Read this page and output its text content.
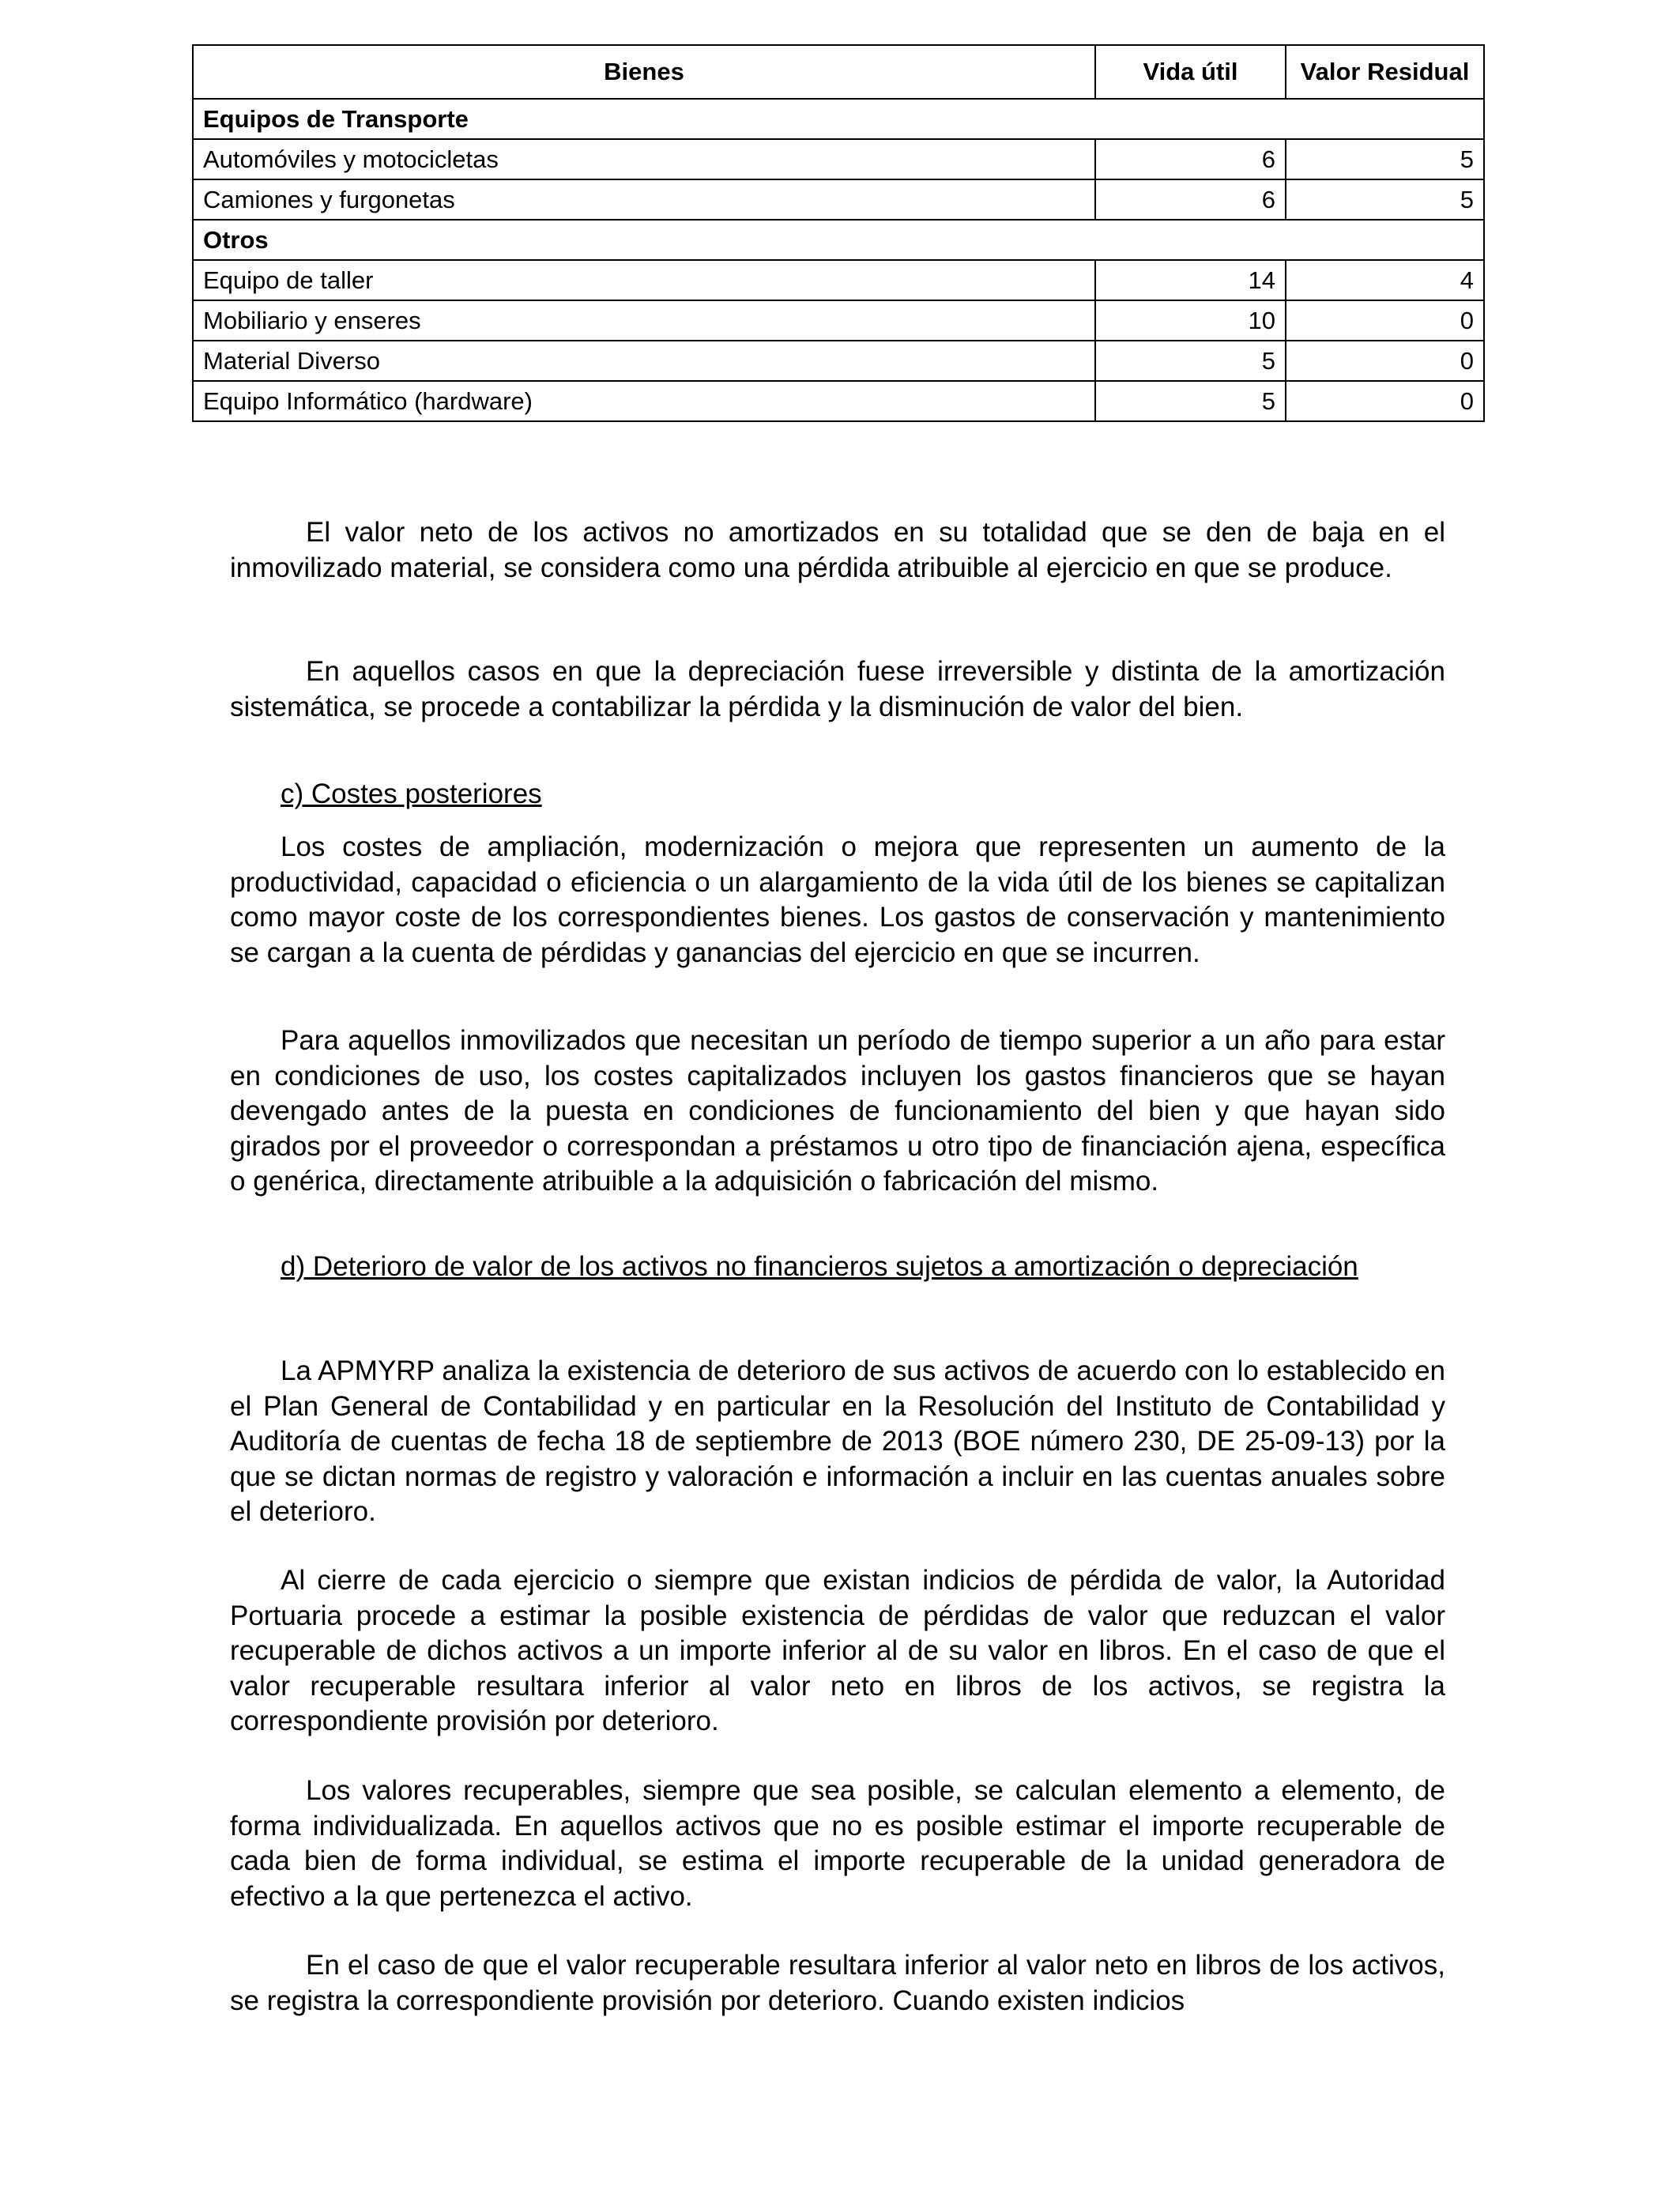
Bienes	Vida útil	Valor Residual
Equipos de Transporte		
Automóviles y motocicletas	6	5
Camiones y furgonetas	6	5
Otros		
Equipo de taller	14	4
Mobiliario y enseres	10	0
Material Diverso	5	0
Equipo Informático (hardware)	5	0

El valor neto de los activos no amortizados en su totalidad que se den de baja en el inmovilizado material, se considera como una pérdida atribuible al ejercicio en que se produce.

En aquellos casos en que la depreciación fuese irreversible y distinta de la amortización sistemática, se procede a contabilizar la pérdida y la disminución de valor del bien.

c) Costes posteriores

Los costes de ampliación, modernización o mejora que representen un aumento de la productividad, capacidad o eficiencia o un alargamiento de la vida útil de los bienes se capitalizan como mayor coste de los correspondientes bienes. Los gastos de conservación y mantenimiento se cargan a la cuenta de pérdidas y ganancias del ejercicio en que se incurren.

Para aquellos inmovilizados que necesitan un período de tiempo superior a un año para estar en condiciones de uso, los costes capitalizados incluyen los gastos financieros que se hayan devengado antes de la puesta en condiciones de funcionamiento del bien y que hayan sido girados por el proveedor o correspondan a préstamos u otro tipo de financiación ajena, específica o genérica, directamente atribuible a la adquisición o fabricación del mismo.

d) Deterioro de valor de los activos no financieros sujetos a amortización o depreciación

La APMYRP analiza la existencia de deterioro de sus activos de acuerdo con lo establecido en el Plan General de Contabilidad y en particular en la Resolución del Instituto de Contabilidad y Auditoría de cuentas de fecha 18 de septiembre de 2013 (BOE número 230, DE 25-09-13) por la que se dictan normas de registro y valoración e información a incluir en las cuentas anuales sobre el deterioro.

Al cierre de cada ejercicio o siempre que existan indicios de pérdida de valor, la Autoridad Portuaria procede a estimar la posible existencia de pérdidas de valor que reduzcan el valor recuperable de dichos activos a un importe inferior al de su valor en libros. En el caso de que el valor recuperable resultara inferior al valor neto en libros de los activos, se registra la correspondiente provisión por deterioro.

Los valores recuperables, siempre que sea posible, se calculan elemento a elemento, de forma individualizada. En aquellos activos que no es posible estimar el importe recuperable de cada bien de forma individual, se estima el importe recuperable de la unidad generadora de efectivo a la que pertenezca el activo.

En el caso de que el valor recuperable resultara inferior al valor neto en libros de los activos, se registra la correspondiente provisión por deterioro. Cuando existen indicios
